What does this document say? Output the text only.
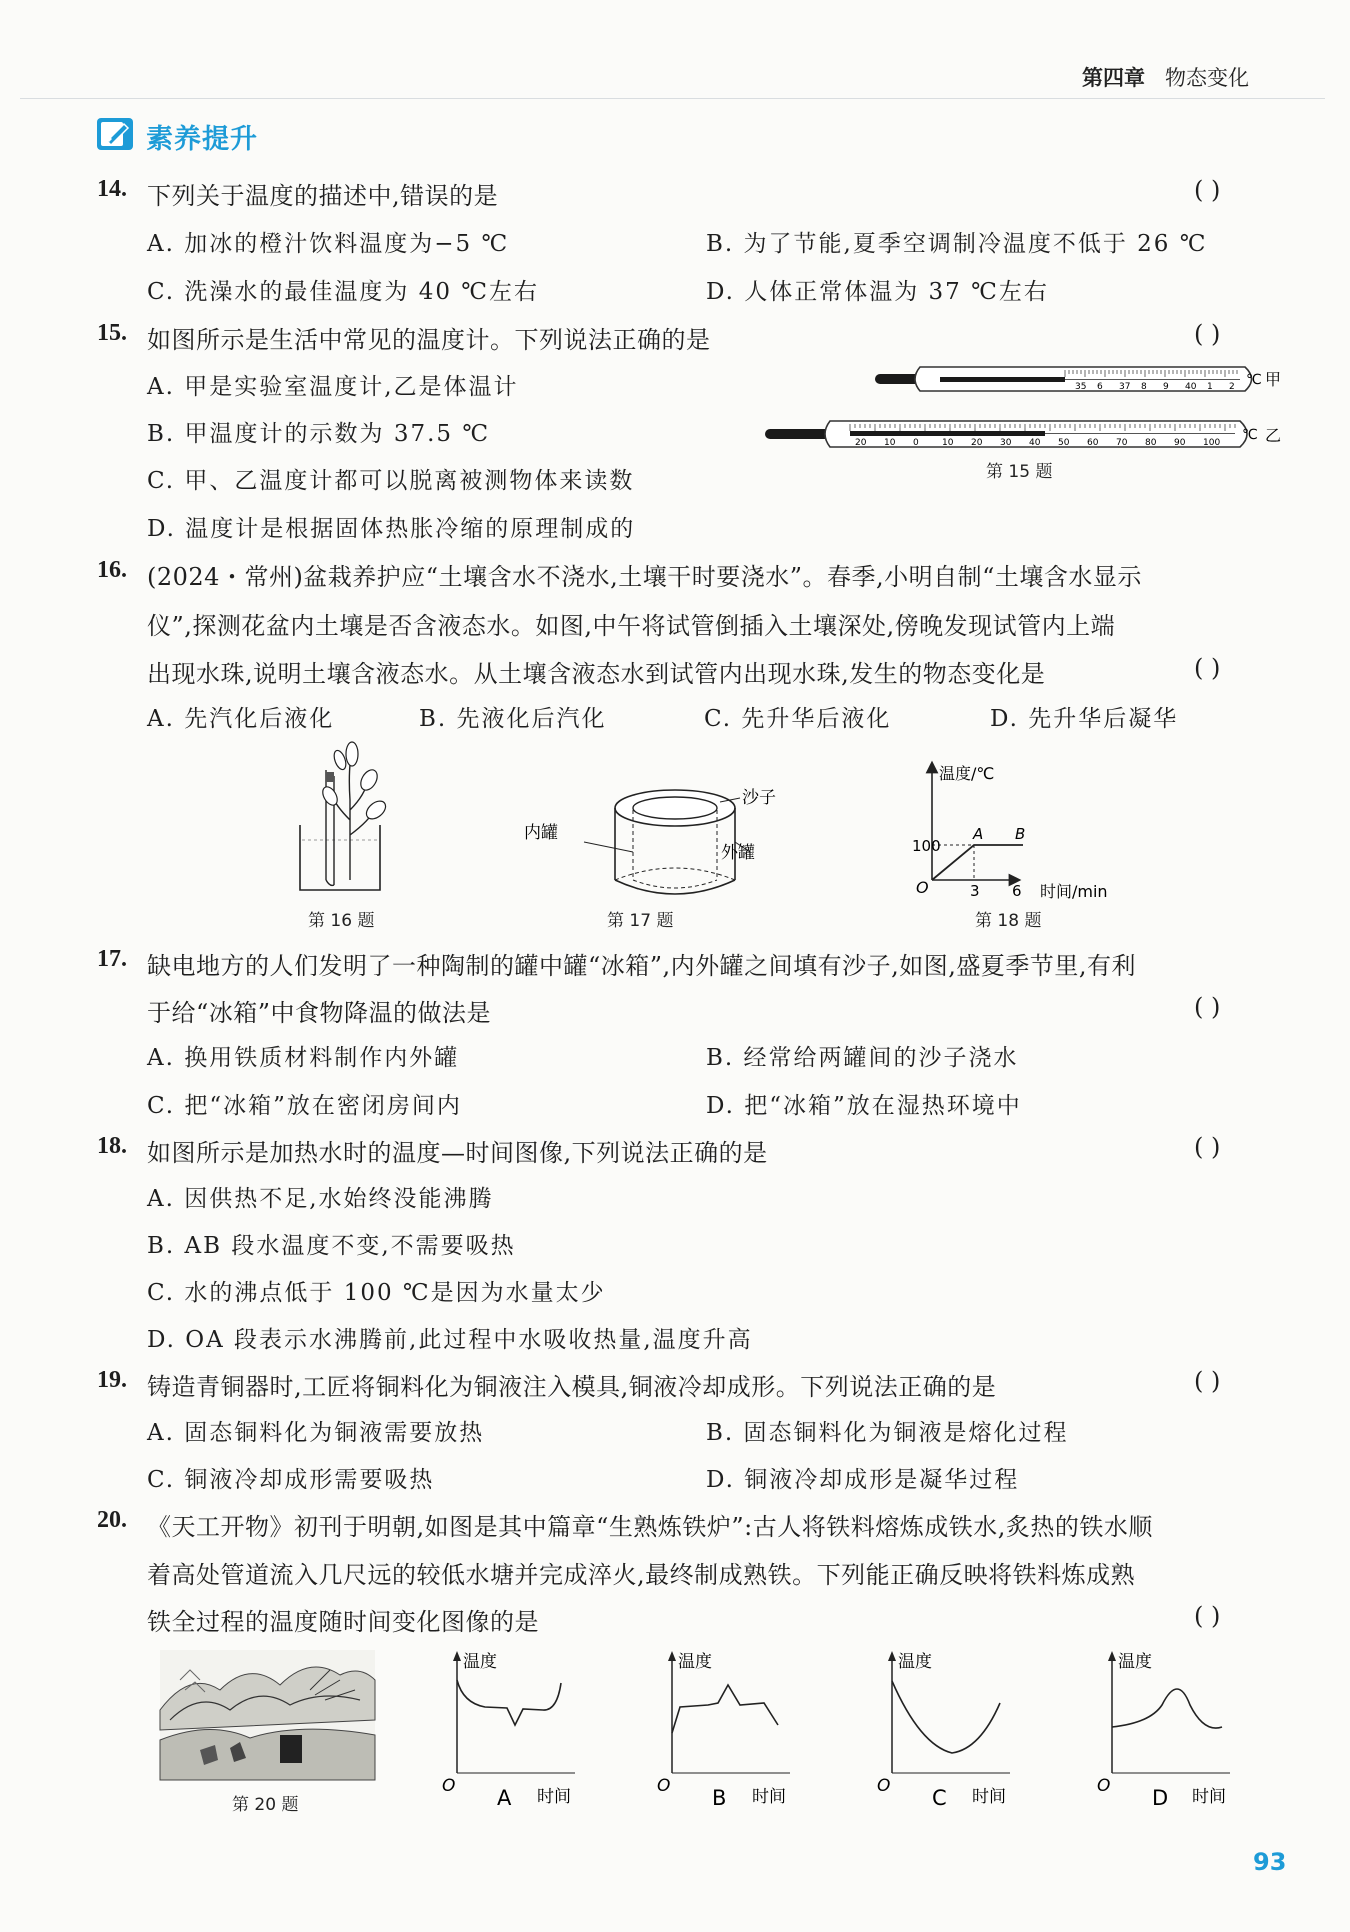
第四章 物态变化
素养提升
14. 下列关于温度的描述中,错误的是	( )
A. 加冰的橙汁饮料温度为−5 ℃	B. 为了节能,夏季空调制冷温度不低于 26 ℃
C. 洗澡水的最佳温度为 40 ℃左右	D. 人体正常体温为 37 ℃左右
15. 如图所示是生活中常见的温度计。下列说法正确的是	( )
A. 甲是实验室温度计,乙是体温计
B. 甲温度计的示数为 37.5 ℃
C. 甲、乙温度计都可以脱离被测物体来读数
D. 温度计是根据固体热胀冷缩的原理制成的
35 6 37 8 9 40 1 2 ℃ 甲
20 10 0	10 20 30 40 50 60 70 80 90 100 ℃ 乙
第 15 题
16. (2024・常州)盆栽养护应“土壤含水不浇水,土壤干时要浇水”。春季,小明自制“土壤含水显示
仪”,探测花盆内土壤是否含液态水。如图,中午将试管倒插入土壤深处,傍晚发现试管内上端
出现水珠,说明土壤含液态水。从土壤含液态水到试管内出现水珠,发生的物态变化是	( )
A. 先汽化后液化	B. 先液化后汽化	C. 先升华后液化	D. 先升华后凝华
第 16 题
沙子
内罐
外罐
第 17 题
100
3 6
A B
温度/℃
时间/min
O
第 18 题
17. 缺电地方的人们发明了一种陶制的罐中罐“冰箱”,内外罐之间填有沙子,如图,盛夏季节里,有利
于给“冰箱”中食物降温的做法是	( )
A. 换用铁质材料制作内外罐	B. 经常给两罐间的沙子浇水
C. 把“冰箱”放在密闭房间内	D. 把“冰箱”放在湿热环境中
18. 如图所示是加热水时的温度—时间图像,下列说法正确的是	( )
A. 因供热不足,水始终没能沸腾
B. AB 段水温度不变,不需要吸热
C. 水的沸点低于 100 ℃是因为水量太少
D. OA 段表示水沸腾前,此过程中水吸收热量,温度升高
19. 铸造青铜器时,工匠将铜料化为铜液注入模具,铜液冷却成形。下列说法正确的是	( )
A. 固态铜料化为铜液需要放热	B. 固态铜料化为铜液是熔化过程
C. 铜液冷却成形需要吸热	D. 铜液冷却成形是凝华过程
20. 《天工开物》初刊于明朝,如图是其中篇章“生熟炼铁炉”:古人将铁料熔炼成铁水,炙热的铁水顺
着高处管道流入几尺远的较低水塘并完成淬火,最终制成熟铁。下列能正确反映将铁料炼成熟
铁全过程的温度随时间变化图像的是	( )
第 20 题
温度
时间
O A
温度
时间
O B
温度
时间
O C
温度
时间
O D
93
